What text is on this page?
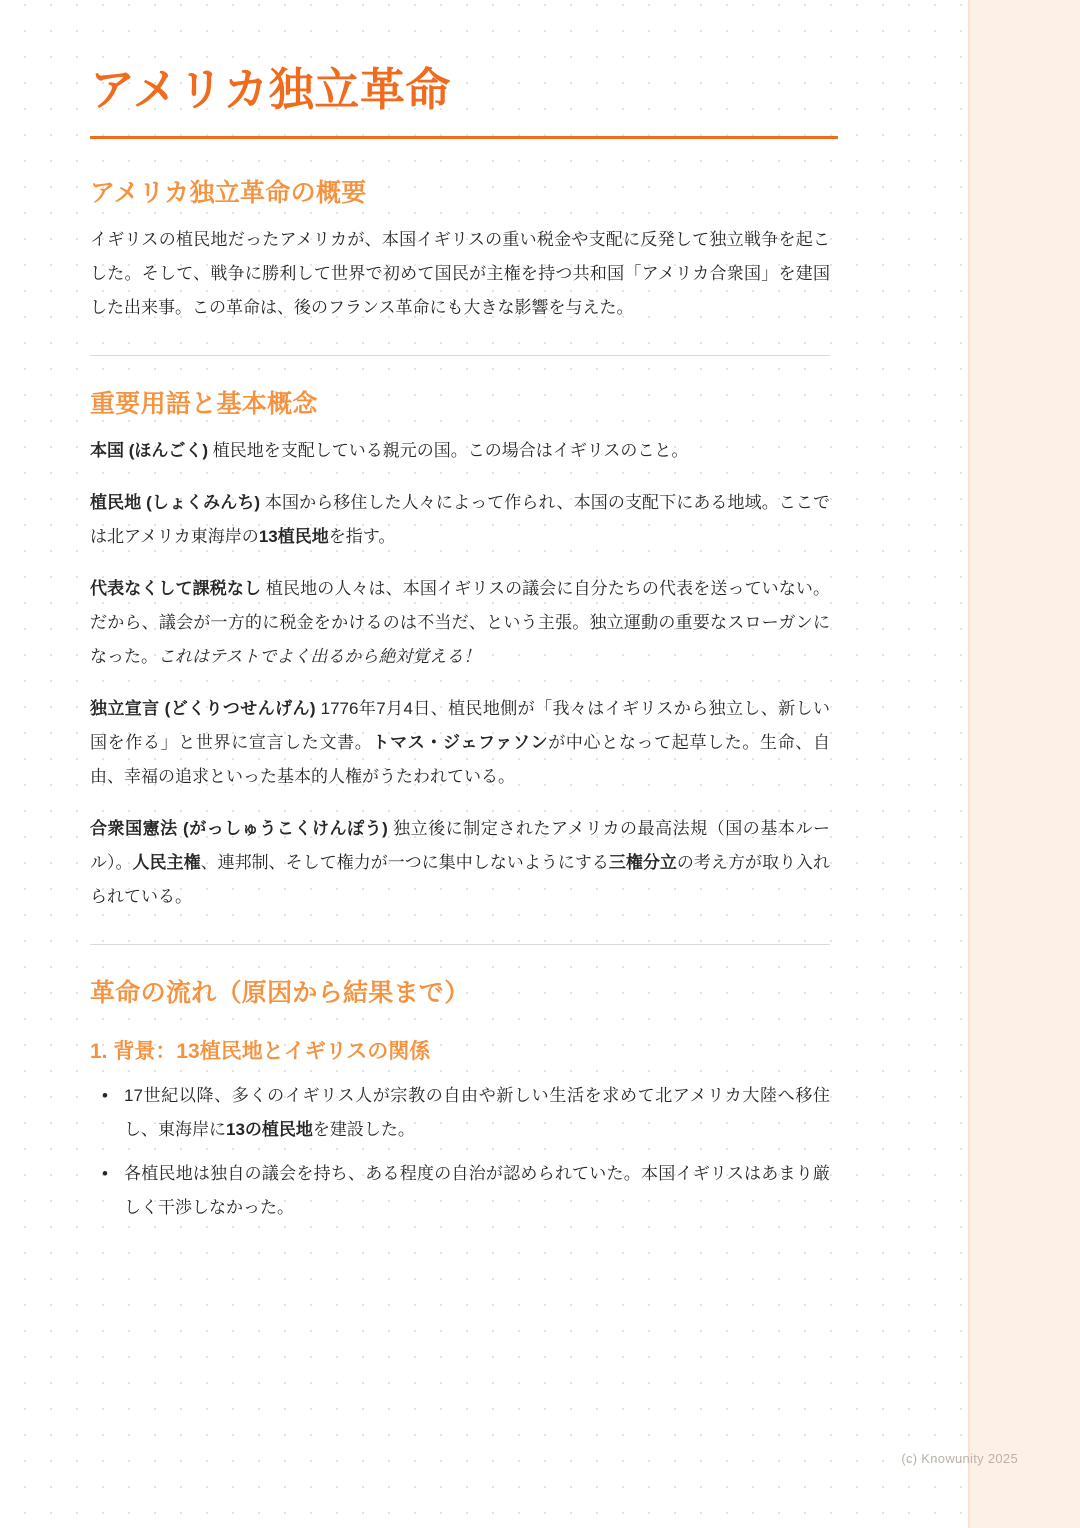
アメリカ独立革命
アメリカ独立革命の概要

イギリスの植民地だったアメリカが、本国イギリスの重い税金や支配に反発して独立戦争を起こした。そして、戦争に勝利して世界で初めて国民が主権を持つ共和国「アメリカ合衆国」を建国した出来事。この革命は、後のフランス革命にも大きな影響を与えた。

重要用語と基本概念

本国 (ほんごく) 植民地を支配している親元の国。この場合はイギリスのこと。

植民地 (しょくみんち) 本国から移住した人々によって作られ、本国の支配下にある地域。ここでは北アメリカ東海岸の13植民地を指す。

代表なくして課税なし 植民地の人々は、本国イギリスの議会に自分たちの代表を送っていない。だから、議会が一方的に税金をかけるのは不当だ、という主張。独立運動の重要なスローガンになった。これはテストでよく出るから絶対覚える！

独立宣言 (どくりつせんげん) 1776年7月4日、植民地側が「我々はイギリスから独立し、新しい国を作る」と世界に宣言した文書。トマス・ジェファソンが中心となって起草した。生命、自由、幸福の追求といった基本的人権がうたわれている。

合衆国憲法 (がっしゅうこくけんぽう) 独立後に制定されたアメリカの最高法規（国の基本ルール）。人民主権、連邦制、そして権力が一つに集中しないようにする三権分立の考え方が取り入れられている。

革命の流れ（原因から結果まで）
1. 背景：13植民地とイギリスの関係
• 17世紀以降、多くのイギリス人が宗教の自由や新しい生活を求めて北アメリカ大陸へ移住し、東海岸に13の植民地を建設した。
• 各植民地は独自の議会を持ち、ある程度の自治が認められていた。本国イギリスはあまり厳しく干渉しなかった。
(c) Knowunity 2025
